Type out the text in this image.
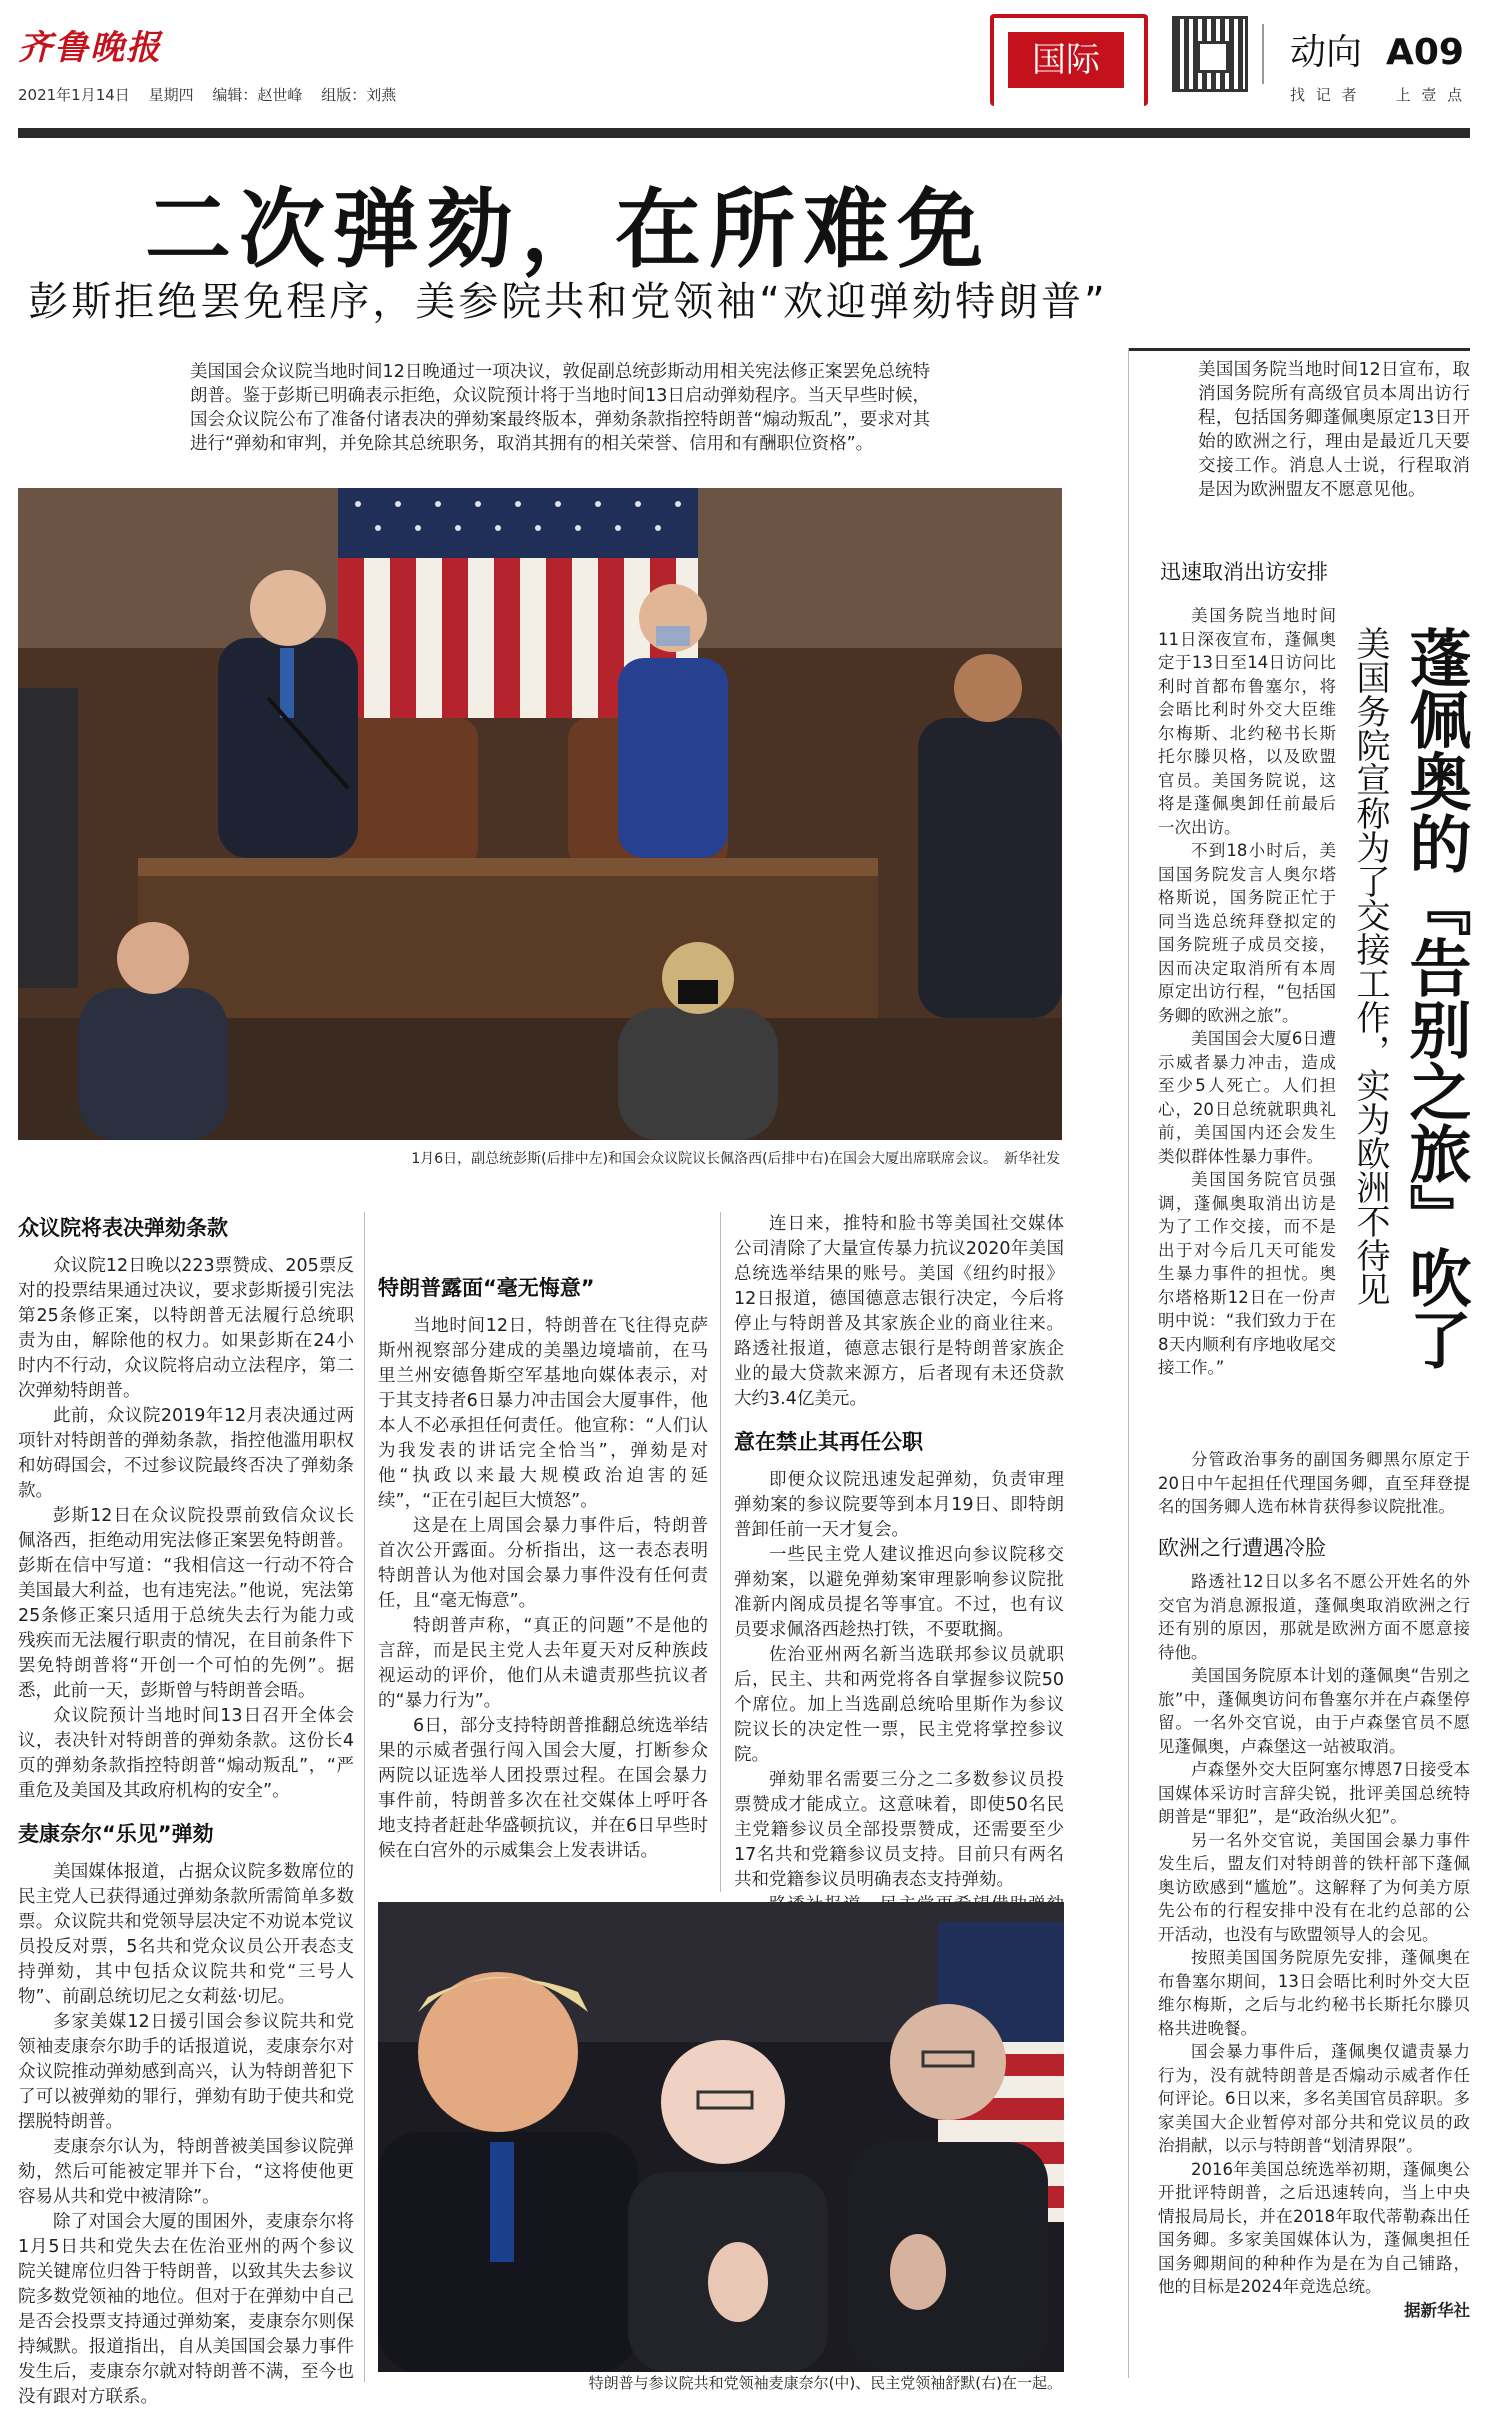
齐鲁晚报
2021年1月14日 星期四 编辑：赵世峰 组版：刘燕
国际	动向 A09
找 记 者　　 上 壹 点
二次弹劾，在所难免
彭斯拒绝罢免程序，美参院共和党领袖“欢迎弹劾特朗普”
美国国会众议院当地时间12日晚通过一项决议，敦促副总统彭斯动用相关宪法修正案罢免总统特朗普。鉴于彭斯已明确表示拒绝，众议院预计将于当地时间13日启动弹劾程序。当天早些时候，国会众议院公布了准备付诸表决的弹劾案最终版本，弹劾条款指控特朗普“煽动叛乱”，要求对其进行“弹劾和审判，并免除其总统职务，取消其拥有的相关荣誉、信用和有酬职位资格”。
1月6日，副总统彭斯(后排中左)和国会众议院议长佩洛西(后排中右)在国会大厦出席联席会议。　新华社发
众议院将表决弹劾条款

众议院12日晚以223票赞成、205票反对的投票结果通过决议，要求彭斯援引宪法第25条修正案，以特朗普无法履行总统职责为由，解除他的权力。如果彭斯在24小时内不行动，众议院将启动立法程序，第二次弹劾特朗普。

此前，众议院2019年12月表决通过两项针对特朗普的弹劾条款，指控他滥用职权和妨碍国会，不过参议院最终否决了弹劾条款。

彭斯12日在众议院投票前致信众议长佩洛西，拒绝动用宪法修正案罢免特朗普。彭斯在信中写道：“我相信这一行动不符合美国最大利益，也有违宪法。”他说，宪法第25条修正案只适用于总统失去行为能力或残疾而无法履行职责的情况，在目前条件下罢免特朗普将“开创一个可怕的先例”。据悉，此前一天，彭斯曾与特朗普会晤。

众议院预计当地时间13日召开全体会议，表决针对特朗普的弹劾条款。这份长4页的弹劾条款指控特朗普“煽动叛乱”，“严重危及美国及其政府机构的安全”。

麦康奈尔“乐见”弹劾

美国媒体报道，占据众议院多数席位的民主党人已获得通过弹劾条款所需简单多数票。众议院共和党领导层决定不劝说本党议员投反对票，5名共和党众议员公开表态支持弹劾，其中包括众议院共和党“三号人物”、前副总统切尼之女莉兹·切尼。

多家美媒12日援引国会参议院共和党领袖麦康奈尔助手的话报道说，麦康奈尔对众议院推动弹劾感到高兴，认为特朗普犯下了可以被弹劾的罪行，弹劾有助于使共和党摆脱特朗普。

麦康奈尔认为，特朗普被美国参议院弹劾，然后可能被定罪并下台，“这将使他更容易从共和党中被清除”。

除了对国会大厦的围困外，麦康奈尔将1月5日共和党失去在佐治亚州的两个参议院关键席位归咎于特朗普，以致其失去参议院多数党领袖的地位。但对于在弹劾中自己是否会投票支持通过弹劾案，麦康奈尔则保持缄默。报道指出，自从美国国会暴力事件发生后，麦康奈尔就对特朗普不满，至今也没有跟对方联系。

特朗普露面“毫无悔意”

当地时间12日，特朗普在飞往得克萨斯州视察部分建成的美墨边境墙前，在马里兰州安德鲁斯空军基地向媒体表示，对于其支持者6日暴力冲击国会大厦事件，他本人不必承担任何责任。他宣称：“人们认为我发表的讲话完全恰当”，弹劾是对他“执政以来最大规模政治迫害的延续”，“正在引起巨大愤怒”。

这是在上周国会暴力事件后，特朗普首次公开露面。分析指出，这一表态表明特朗普认为他对国会暴力事件没有任何责任，且“毫无悔意”。

特朗普声称，“真正的问题”不是他的言辞，而是民主党人去年夏天对反种族歧视运动的评价，他们从未谴责那些抗议者的“暴力行为”。

6日，部分支持特朗普推翻总统选举结果的示威者强行闯入国会大厦，打断参众两院以证选举人团投票过程。在国会暴力事件前，特朗普多次在社交媒体上呼吁各地支持者赶赴华盛顿抗议，并在6日早些时候在白宫外的示威集会上发表讲话。

连日来，推特和脸书等美国社交媒体公司清除了大量宣传暴力抗议2020年美国总统选举结果的账号。美国《纽约时报》12日报道，德国德意志银行决定，今后将停止与特朗普及其家族企业的商业往来。路透社报道，德意志银行是特朗普家族企业的最大贷款来源方，后者现有未还贷款大约3.4亿美元。

意在禁止其再任公职

即便众议院迅速发起弹劾，负责审理弹劾案的参议院要等到本月19日、即特朗普卸任前一天才复会。

一些民主党人建议推迟向参议院移交弹劾案，以避免弹劾案审理影响参议院批准新内阁成员提名等事宜。不过，也有议员要求佩洛西趁热打铁，不要耽搁。

佐治亚州两名新当选联邦参议员就职后，民主、共和两党将各自掌握参议院50个席位。加上当选副总统哈里斯作为参议院议长的决定性一票，民主党将掌控参议院。

弹劾罪名需要三分之二多数参议员投票赞成才能成立。这意味着，即使50名民主党籍参议员全部投票赞成，还需要至少17名共和党籍参议员支持。目前只有两名共和党籍参议员明确表态支持弹劾。

特朗普与参议院共和党领袖麦康奈尔(中)、民主党领袖舒默(右)在一起。
美国国务院当地时间12日宣布，取消国务院所有高级官员本周出访行程，包括国务卿蓬佩奥原定13日开始的欧洲之行，理由是最近几天要交接工作。消息人士说，行程取消是因为欧洲盟友不愿意见他。
迅速取消出访安排
蓬佩奥的『告别之旅』吹了
美国务院宣称为了交接工作，实为欧洲不待见

美国务院当地时间11日深夜宣布，蓬佩奥定于13日至14日访问比利时首都布鲁塞尔，将会晤比利时外交大臣维尔梅斯、北约秘书长斯托尔滕贝格，以及欧盟官员。美国务院说，这将是蓬佩奥卸任前最后一次出访。

不到18小时后，美国国务院发言人奥尔塔格斯说，国务院正忙于同当选总统拜登拟定的国务院班子成员交接，因而决定取消所有本周原定出访行程，“包括国务卿的欧洲之旅”。

美国国会大厦6日遭示威者暴力冲击，造成至少5人死亡。人们担心，20日总统就职典礼前，美国国内还会发生类似群体性暴力事件。

美国国务院官员强调，蓬佩奥取消出访是为了工作交接，而不是出于对今后几天可能发生暴力事件的担忧。奥尔塔格斯12日在一份声明中说：“我们致力于在8天内顺利有序地收尾交接工作。”

分管政治事务的副国务卿黑尔原定于20日中午起担任代理国务卿，直至拜登提名的国务卿人选布林肯获得参议院批准。

欧洲之行遭遇冷脸

路透社12日以多名不愿公开姓名的外交官为消息源报道，蓬佩奥取消欧洲之行还有别的原因，那就是欧洲方面不愿意接待他。

美国国务院原本计划的蓬佩奥“告别之旅”中，蓬佩奥访问布鲁塞尔并在卢森堡停留。一名外交官说，由于卢森堡官员不愿见蓬佩奥，卢森堡这一站被取消。

卢森堡外交大臣阿塞尔博恩7日接受本国媒体采访时言辞尖锐，批评美国总统特朗普是“罪犯”，是“政治纵火犯”。

另一名外交官说，美国国会暴力事件发生后，盟友们对特朗普的铁杆部下蓬佩奥访欧感到“尴尬”。这解释了为何美方原先公布的行程安排中没有在北约总部的公开活动，也没有与欧盟领导人的会见。

按照美国国务院原先安排，蓬佩奥在布鲁塞尔期间，13日会晤比利时外交大臣维尔梅斯，之后与北约秘书长斯托尔滕贝格共进晚餐。

国会暴力事件后，蓬佩奥仅谴责暴力行为，没有就特朗普是否煽动示威者作任何评论。6日以来，多名美国官员辞职。多家美国大企业暂停对部分共和党议员的政治捐献，以示与特朗普“划清界限”。

2016年美国总统选举初期，蓬佩奥公开批评特朗普，之后迅速转向，当上中央情报局局长，并在2018年取代蒂勒森出任国务卿。多家美国媒体认为，蓬佩奥担任国务卿期间的种种作为是在为自己铺路，他的目标是2024年竞选总统。

据新华社
